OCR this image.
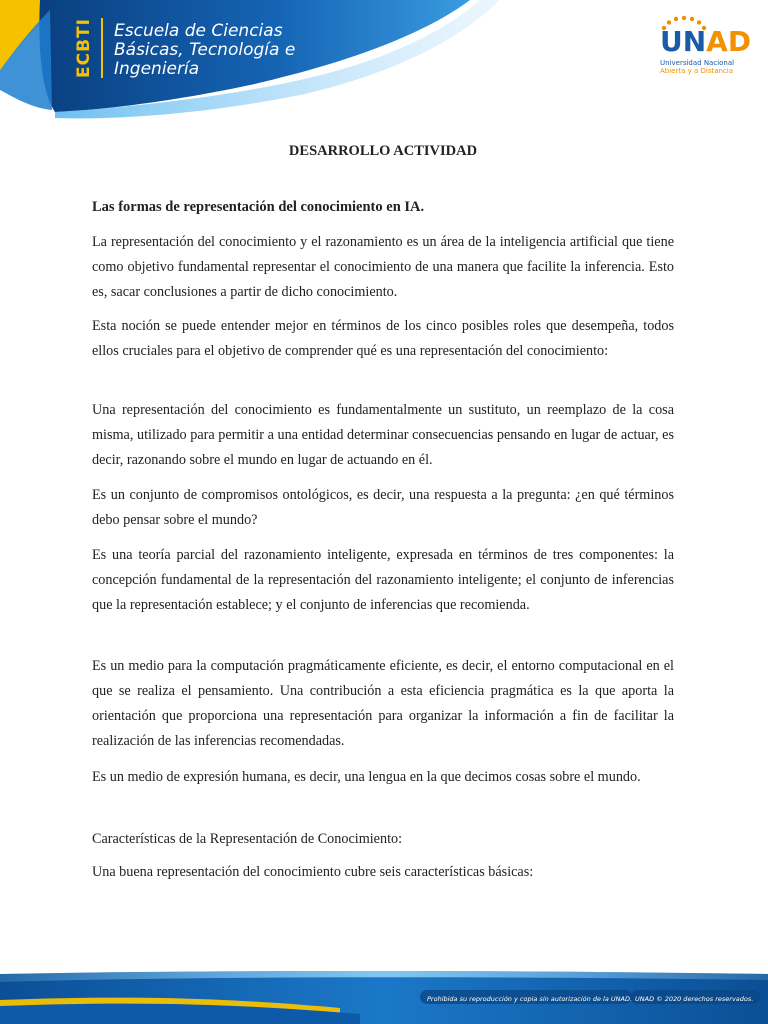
ECBTI Escuela de Ciencias
Básicas, Tecnología e
Ingeniería
UNAD
Universidad Nacional
Abierta y a Distancia
DESARROLLO ACTIVIDAD
Las formas de representación del conocimiento en IA.

La representación del conocimiento y el razonamiento es un área de la inteligencia artificial que tiene como objetivo fundamental representar el conocimiento de una manera que facilite la inferencia. Esto es, sacar conclusiones a partir de dicho conocimiento.

Esta noción se puede entender mejor en términos de los cinco posibles roles que desempeña, todos ellos cruciales para el objetivo de comprender qué es una representación del conocimiento:

Una representación del conocimiento es fundamentalmente un sustituto, un reemplazo de la cosa misma, utilizado para permitir a una entidad determinar consecuencias pensando en lugar de actuar, es decir, razonando sobre el mundo en lugar de actuando en él.

Es un conjunto de compromisos ontológicos, es decir, una respuesta a la pregunta: ¿en qué términos debo pensar sobre el mundo?

Es una teoría parcial del razonamiento inteligente, expresada en términos de tres componentes: la concepción fundamental de la representación del razonamiento inteligente; el conjunto de inferencias que la representación establece; y el conjunto de inferencias que recomienda.

Es un medio para la computación pragmáticamente eficiente, es decir, el entorno computacional en el que se realiza el pensamiento. Una contribución a esta eficiencia pragmática es la que aporta la orientación que proporciona una representación para organizar la información a fin de facilitar la realización de las inferencias recomendadas.

Es un medio de expresión humana, es decir, una lengua en la que decimos cosas sobre el mundo.

Características de la Representación de Conocimiento:

Una buena representación del conocimiento cubre seis características básicas:

Prohibida su reproducción y copia sin autorización de la UNAD. UNAD © 2020 derechos reservados.
